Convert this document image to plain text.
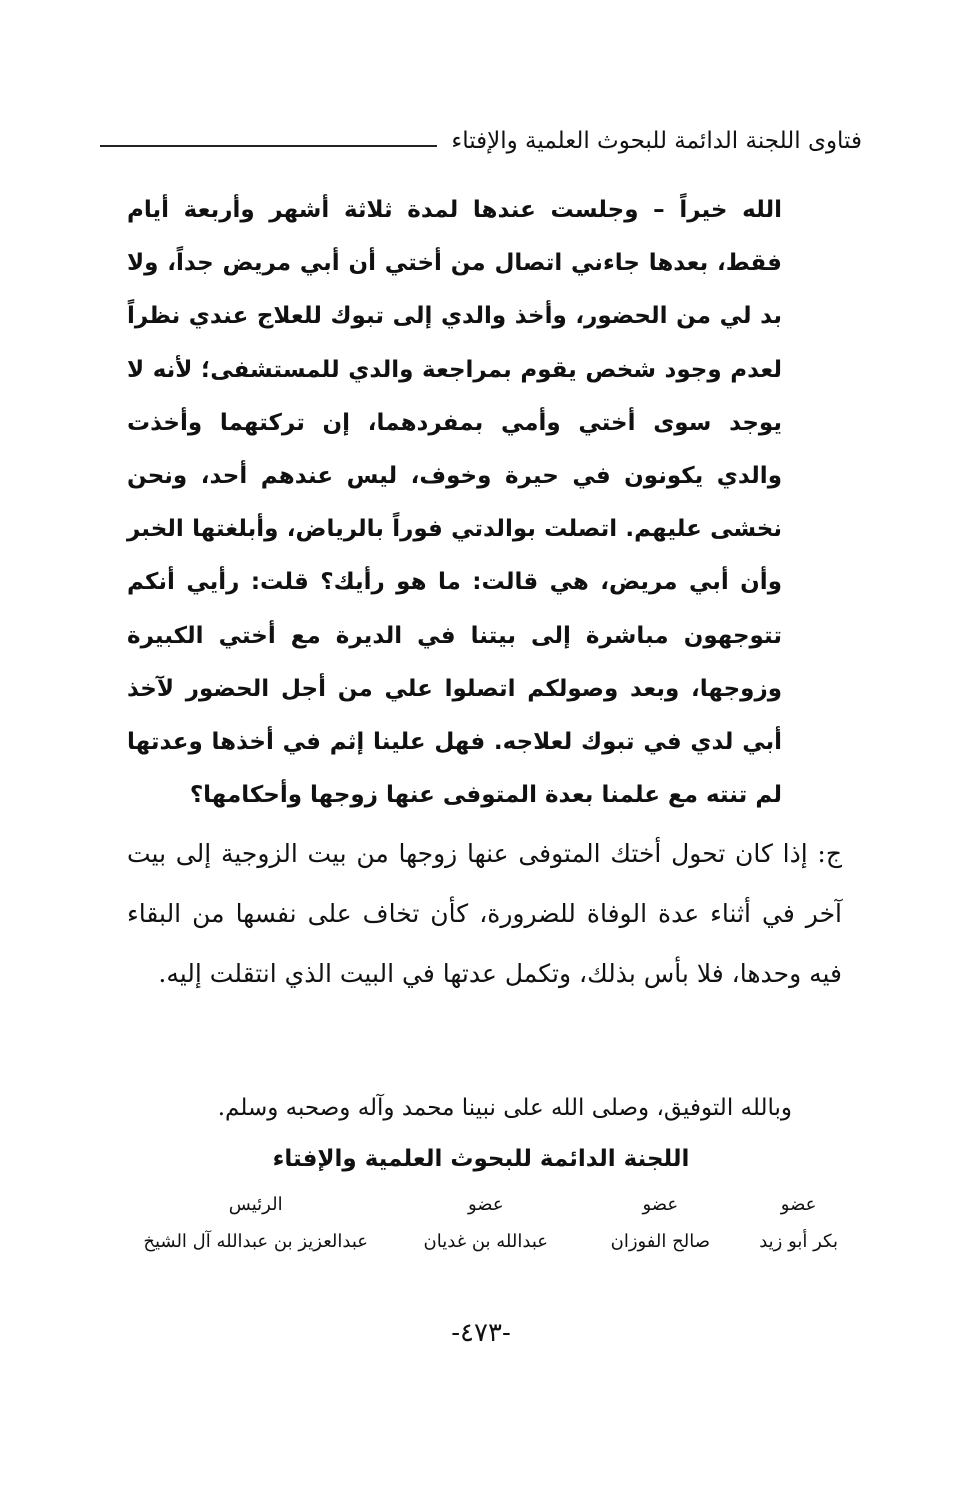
فتاوى اللجنة الدائمة للبحوث العلمية والإفتاء
الله خيراً – وجلست عندها لمدة ثلاثة أشهر وأربعة أيام فقط، بعدها جاءني اتصال من أختي أن أبي مريض جداً، ولا بد لي من الحضور، وأخذ والدي إلى تبوك للعلاج عندي نظراً لعدم وجود شخص يقوم بمراجعة والدي للمستشفى؛ لأنه لا يوجد سوى أختي وأمي بمفردهما، إن تركتهما وأخذت والدي يكونون في حيرة وخوف، ليس عندهم أحد، ونحن نخشى عليهم. اتصلت بوالدتي فوراً بالرياض، وأبلغتها الخبر وأن أبي مريض، هي قالت: ما هو رأيك؟ قلت: رأيي أنكم تتوجهون مباشرة إلى بيتنا في الديرة مع أختي الكبيرة وزوجها، وبعد وصولكم اتصلوا علي من أجل الحضور لآخذ أبي لدي في تبوك لعلاجه. فهل علينا إثم في أخذها وعدتها لم تنته مع علمنا بعدة المتوفى عنها زوجها وأحكامها؟
ج: إذا كان تحول أختك المتوفى عنها زوجها من بيت الزوجية إلى بيت آخر في أثناء عدة الوفاة للضرورة، كأن تخاف على نفسها من البقاء فيه وحدها، فلا بأس بذلك، وتكمل عدتها في البيت الذي انتقلت إليه.
وبالله التوفيق، وصلى الله على نبينا محمد وآله وصحبه وسلم.
اللجنة الدائمة للبحوث العلمية والإفتاء
عضو
بكر أبو زيد
عضو
صالح الفوزان
عضو
عبدالله بن غديان
الرئيس
عبدالعزيز بن عبدالله آل الشيخ
-٤٧٣-
